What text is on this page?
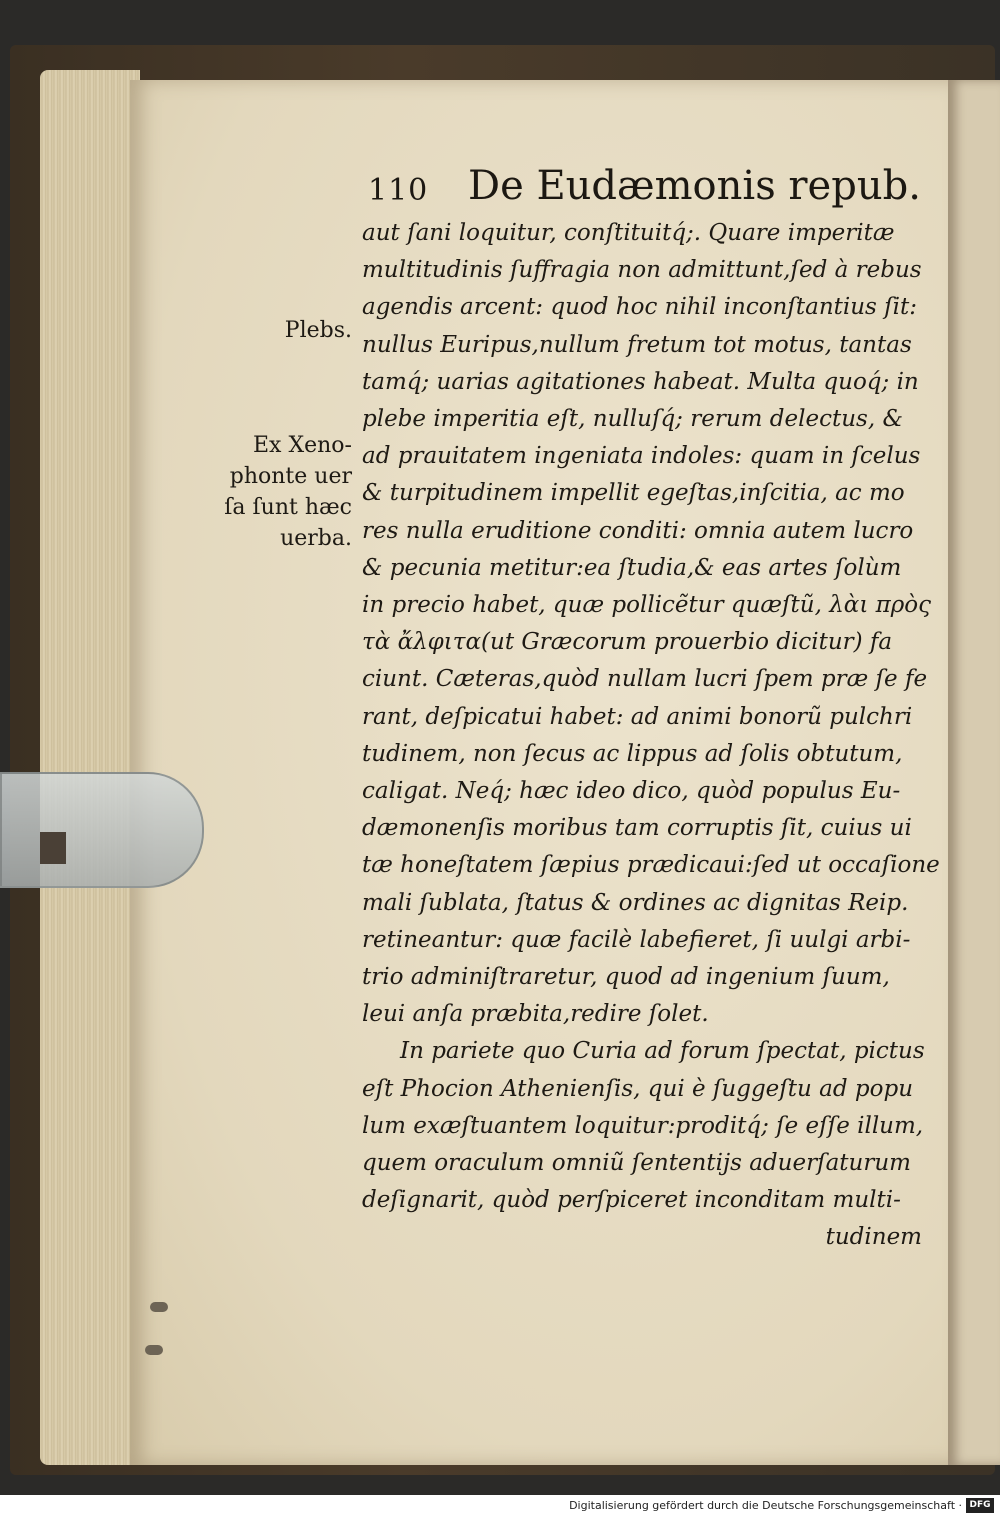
110 De Eudæmonis repub.
Plebs.
Ex Xeno-
phonte uer
ſa ſunt hæc
uerba.
aut ſani loquitur, conſtituitq́;. Quare imperitæ
multitudinis ſuffragia non admittunt,ſed à rebus
agendis arcent: quod hoc nihil inconſtantius ſit:
nullus Euripus,nullum fretum tot motus, tantas
tamq́; uarias agitationes habeat. Multa quoq́; in
plebe imperitia eſt, nulluſq́; rerum delectus, &
ad prauitatem ingeniata indoles: quam in ſcelus
& turpitudinem impellit egeſtas,inſcitia, ac mo
res nulla eruditione conditi: omnia autem lucro
& pecunia metitur:ea ſtudia,& eas artes ſolùm
in precio habet, quæ pollicẽtur quæſtũ, λὰι πρὸς
τὰ ἄλφιτα(ut Græcorum prouerbio dicitur) fa
ciunt. Cæteras,quòd nullam lucri ſpem præ ſe fe
rant, deſpicatui habet: ad animi bonorũ pulchri
tudinem, non ſecus ac lippus ad ſolis obtutum,
caligat. Neq́; hæc ideo dico, quòd populus Eu-
dæmonenſis moribus tam corruptis ſit, cuius ui
tæ honeſtatem ſæpius prædicaui:ſed ut occaſione
mali ſublata, ſtatus & ordines ac dignitas Reip.
retineantur: quæ facilè labefieret, ſi uulgi arbi-
trio adminiſtraretur, quod ad ingenium ſuum,
leui anſa præbita,redire ſolet.
In pariete quo Curia ad forum ſpectat, pictus
eſt Phocion Athenienſis, qui è ſuggeſtu ad popu
lum exæſtuantem loquitur:proditq́; ſe eſſe illum,
quem oraculum omniũ ſententijs aduerſaturum
deſignarit, quòd perſpiceret inconditam multi-
tudinem
Digitalisierung gefördert durch die Deutsche Forschungsgemeinschaft · DFG
